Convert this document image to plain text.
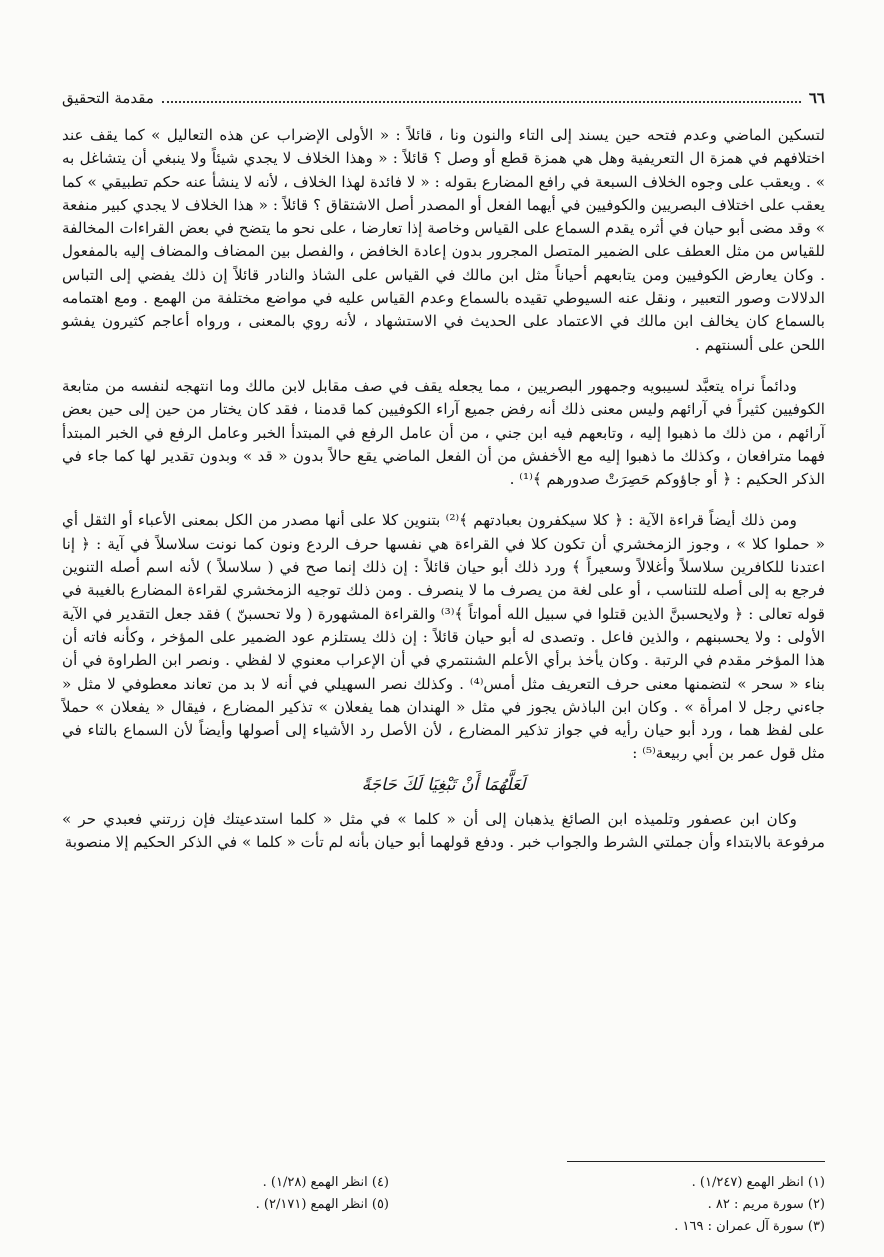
٦٦
مقدمة التحقيق

لتسكين الماضي وعدم فتحه حين يسند إلى التاء والنون ونا ، قائلاً : « الأولى الإضراب عن هذه التعاليل » كما يقف عند اختلافهم في همزة ال التعريفية وهل هي همزة قطع أو وصل ؟ قائلاً : « وهذا الخلاف لا يجدي شيئاً ولا ينبغي أن يتشاغل به » . ويعقب على وجوه الخلاف السبعة في رافع المضارع بقوله : « لا فائدة لهذا الخلاف ، لأنه لا ينشأ عنه حكم تطبيقي » كما يعقب على اختلاف البصريين والكوفيين في أيهما الفعل أو المصدر أصل الاشتقاق ؟ قائلاً : « هذا الخلاف لا يجدي كبير منفعة » وقد مضى أبو حيان في أثره يقدم السماع على القياس وخاصة إذا تعارضا ، على نحو ما يتضح في بعض القراءات المخالفة للقياس من مثل العطف على الضمير المتصل المجرور بدون إعادة الخافض ، والفصل بين المضاف والمضاف إليه بالمفعول . وكان يعارض الكوفيين ومن يتابعهم أحياناً مثل ابن مالك في القياس على الشاذ والنادر قائلاً إن ذلك يفضي إلى التباس الدلالات وصور التعبير ، ونقل عنه السيوطي تقيده بالسماع وعدم القياس عليه في مواضع مختلفة من الهمع . ومع اهتمامه بالسماع كان يخالف ابن مالك في الاعتماد على الحديث في الاستشهاد ، لأنه روي بالمعنى ، ورواه أعاجم كثيرون يفشو اللحن على ألسنتهم .

ودائماً نراه يتعبَّد لسيبويه وجمهور البصريين ، مما يجعله يقف في صف مقابل لابن مالك وما انتهجه لنفسه من متابعة الكوفيين كثيراً في آرائهم وليس معنى ذلك أنه رفض جميع آراء الكوفيين كما قدمنا ، فقد كان يختار من حين إلى حين بعض آرائهم ، من ذلك ما ذهبوا إليه ، وتابعهم فيه ابن جني ، من أن عامل الرفع في المبتدأ الخبر وعامل الرفع في الخبر المبتدأ فهما مترافعان ، وكذلك ما ذهبوا إليه مع الأخفش من أن الفعل الماضي يقع حالاً بدون « قد » وبدون تقدير لها كما جاء في الذكر الحكيم : ﴿ أو جاؤوكم حَصِرَتْ صدورهم ﴾⁽¹⁾ .

ومن ذلك أيضاً قراءة الآية : ﴿ كلا سيكفرون بعبادتهم ﴾⁽²⁾ بتنوين كلا على أنها مصدر من الكل بمعنى الأعباء أو الثقل أي « حملوا كلا » ، وجوز الزمخشري أن تكون كلا في القراءة هي نفسها حرف الردع ونون كما نونت سلاسلاً في آية : ﴿ إنا اعتدنا للكافرين سلاسلاً وأغلالاً وسعيراً ﴾ ورد ذلك أبو حيان قائلاً : إن ذلك إنما صح في ( سلاسلاً ) لأنه اسم أصله التنوين فرجع به إلى أصله للتناسب ، أو على لغة من يصرف ما لا ينصرف . ومن ذلك توجيه الزمخشري لقراءة المضارع بالغيبة في قوله تعالى : ﴿ ولايحسبنَّ الذين قتلوا في سبيل الله أمواتاً ﴾⁽³⁾ والقراءة المشهورة ( ولا تحسبنّ ) فقد جعل التقدير في الآية الأولى : ولا يحسبنهم ، والذين فاعل . وتصدى له أبو حيان قائلاً : إن ذلك يستلزم عود الضمير على المؤخر ، وكأنه فاته أن هذا المؤخر مقدم في الرتبة . وكان يأخذ برأي الأعلم الشنتمري في أن الإعراب معنوي لا لفظي . ونصر ابن الطراوة في أن بناء « سحر » لتضمنها معنى حرف التعريف مثل أمس⁽⁴⁾ . وكذلك نصر السهيلي في أنه لا بد من تعاند معطوفي لا مثل « جاءني رجل لا امرأة » . وكان ابن الباذش يجوز في مثل « الهندان هما يفعلان » تذكير المضارع ، فيقال « يفعلان » حملاً على لفظ هما ، ورد أبو حيان رأيه في جواز تذكير المضارع ، لأن الأصل رد الأشياء إلى أصولها وأيضاً لأن السماع بالتاء في مثل قول عمر بن أبي ربيعة⁽⁵⁾ :

لَعَلَّهُمَا أَنْ تَبْغِيَا لَكَ حَاجَةً

وكان ابن عصفور وتلميذه ابن الصائغ يذهبان إلى أن « كلما » في مثل « كلما استدعيتك فإن زرتني فعبدي حر » مرفوعة بالابتداء وأن جملتي الشرط والجواب خبر . ودفع قولهما أبو حيان بأنه لم تأت « كلما » في الذكر الحكيم إلا منصوبة

(١) انظر الهمع (١/٢٤٧) .
(٢) سورة مريم : ٨٢ .
(٣) سورة آل عمران : ١٦٩ .
(٤) انظر الهمع (١/٢٨) .
(٥) انظر الهمع (٢/١٧١) .
